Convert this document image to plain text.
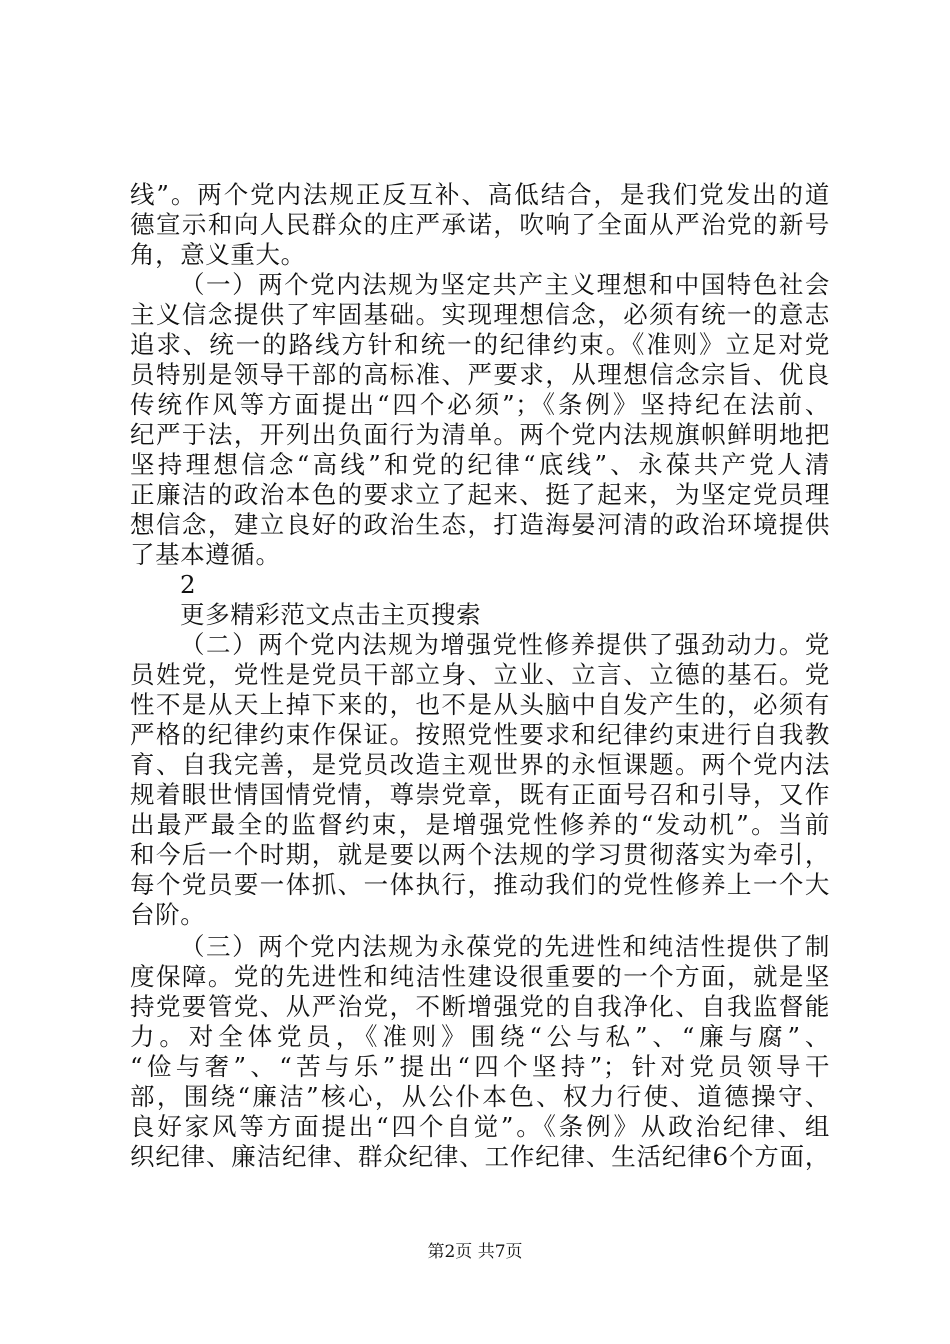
线”。两个党内法规正反互补、高低结合，是我们党发出的道
德宣示和向人民群众的庄严承诺，吹响了全面从严治党的新号
角，意义重大。
（一）两个党内法规为坚定共产主义理想和中国特色社会
主义信念提供了牢固基础。实现理想信念，必须有统一的意志
追求、统一的路线方针和统一的纪律约束。《准则》立足对党
员特别是领导干部的高标准、严要求，从理想信念宗旨、优良
传统作风等方面提出“四个必须”；《条例》坚持纪在法前、
纪严于法，开列出负面行为清单。两个党内法规旗帜鲜明地把
坚持理想信念“高线”和党的纪律“底线”、永葆共产党人清
正廉洁的政治本色的要求立了起来、挺了起来，为坚定党员理
想信念，建立良好的政治生态，打造海晏河清的政治环境提供
了基本遵循。
2
更多精彩范文点击主页搜索
（二）两个党内法规为增强党性修养提供了强劲动力。党
员姓党，党性是党员干部立身、立业、立言、立德的基石。党
性不是从天上掉下来的，也不是从头脑中自发产生的，必须有
严格的纪律约束作保证。按照党性要求和纪律约束进行自我教
育、自我完善，是党员改造主观世界的永恒课题。两个党内法
规着眼世情国情党情，尊崇党章，既有正面号召和引导，又作
出最严最全的监督约束，是增强党性修养的“发动机”。当前
和今后一个时期，就是要以两个法规的学习贯彻落实为牵引，
每个党员要一体抓、一体执行，推动我们的党性修养上一个大
台阶。
（三）两个党内法规为永葆党的先进性和纯洁性提供了制
度保障。党的先进性和纯洁性建设很重要的一个方面，就是坚
持党要管党、从严治党，不断增强党的自我净化、自我监督能
力。对全体党员，《准则》围绕“公与私”、“廉与腐”、
“俭与奢”、“苦与乐”提出“四个坚持”；针对党员领导干
部，围绕“廉洁”核心，从公仆本色、权力行使、道德操守、
良好家风等方面提出“四个自觉”。《条例》从政治纪律、组
织纪律、廉洁纪律、群众纪律、工作纪律、生活纪律6个方面，
第2页 共7页
